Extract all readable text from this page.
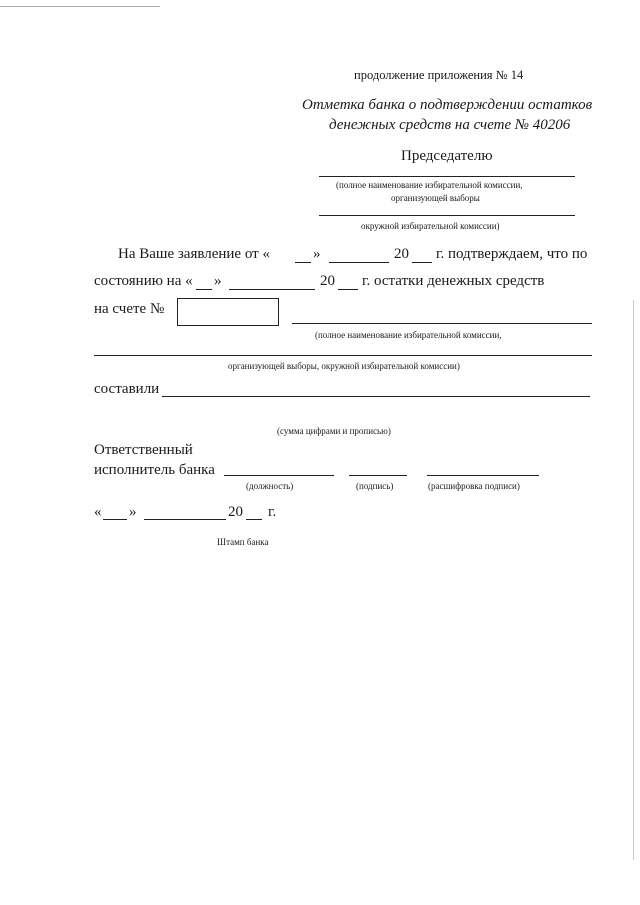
продолжение приложения № 14
Отметка банка о подтверждении остатков
денежных средств на счете № 40206
Председателю
(полное наименование избирательной комиссии,
организующей выборы
окружной избирательной комиссии)
На Ваше заявление от «	»	20 г. подтверждаем, что по
состоянию на « »	20 г. остатки денежных средств
на счете №
(полное наименование избирательной комиссии,
организующей выборы, окружной избирательной комиссии)
составили
(сумма цифрами и прописью)
Ответственный
исполнитель банка
(должность)	(подпись)	(расшифровка подписи)
« »	20 г.
Штамп банка
